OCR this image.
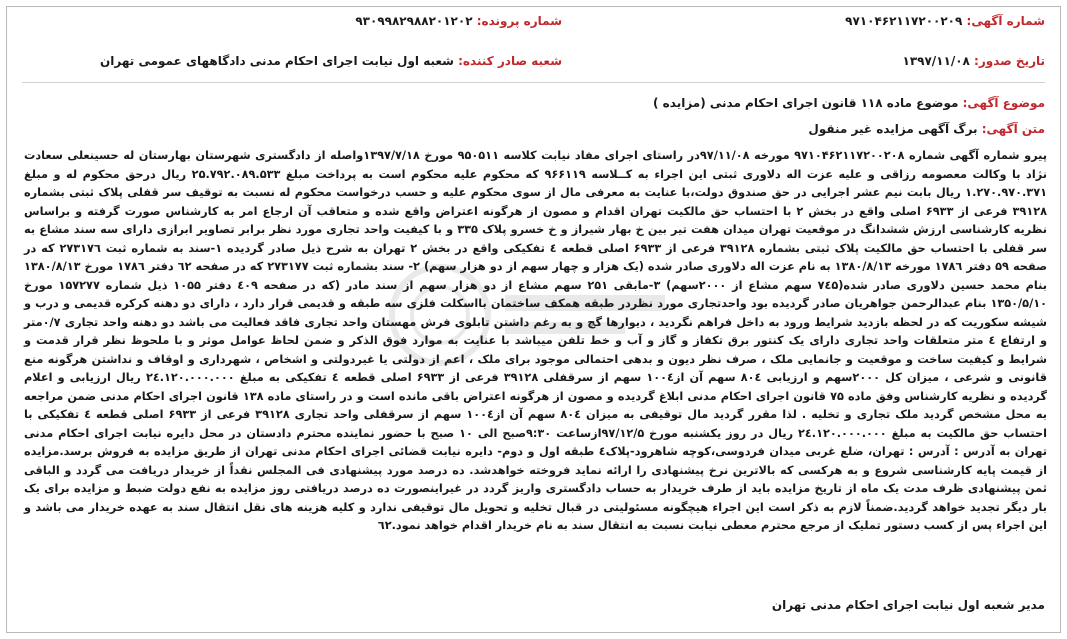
شماره آگهی: ۹۷۱۰۴۶۲۱۱۷۲۰۰۲۰۹
شماره پرونده: ۹۳۰۹۹۸۲۹۸۸۲۰۱۲۰۲
تاریخ صدور: ۱۳۹۷/۱۱/۰۸
شعبه صادر کننده: شعبه اول نیابت اجرای احکام مدنی دادگاههای عمومی تهران
موضوع آگهی: موضوع ماده ۱۱۸ قانون اجرای احکام مدنی (مزایده )
متن آگهی: برگ آگهی مزایده غیر منقول
پیرو شماره آگهی شماره ۹۷۱۰۴۶۲۱۱۷۲۰۰۲۰۸ مورخه ۹۷/۱۱/۰۸در راستای اجرای مفاد نیابت کلاسه ۹۵۰۵۱۱ مورخ ۱۳۹۷/۷/۱۸واصله از دادگستری شهرستان بهارستان له حسینعلی سعادت نژاد با وکالت معصومه رزاقی و علیه عزت اله دلاوری ثبتی این اجراء به کــلاسه ۹۶۶۱۱۹ که محکوم علیه محکوم است به پرداخت مبلغ ۲۵.۷۹۲.۰۸۹.۵۳۳ ریال درحق محکوم له و مبلغ ۱.۲۷۰.۹۷۰.۳۷۱ ریال بابت نیم عشر اجرایی در حق صندوق دولت،با عنایت به معرفی مال از سوی محکوم علیه و حسب درخواست محکوم له نسبت به توقیف سر قفلی پلاک ثبتی بشماره ۳۹۱۲۸ فرعی از ۶۹۳۳ اصلی واقع در بخش ۲ با احتساب حق مالکیت تهران اقدام و مصون از هرگونه اعتراض واقع شده و متعاقب آن ارجاع امر به کارشناس صورت گرفته و براساس نظریه کارشناسی ارزش ششدانگ در موقعیت تهران میدان هفت تیر بین خ بهار شیراز و خ خسرو پلاک ۳۳۵ و با کیفیت واحد تجاری مورد نظر برابر تصاویر ابرازی دارای سه سند مشاع به سر قفلی با احتساب حق مالکیت پلاک ثبتی بشماره ۳۹۱۲۸ فرعی از ۶۹۳۳ اصلی قطعه ٤ تفکیکی واقع در بخش ۲ تهران به شرح ذیل صادر گردیده ۱-سند به شماره ثبت ۲۷۳۱۷٦ که در صفحه ۵۹ دفتر ۱۷۸٦ مورخه ۱۳۸۰/۸/۱۳ به نام عزت اله دلاوری صادر شده (یک هزار و چهار سهم از دو هزار سهم) ۲- سند بشماره ثبت ۲۷۳۱۷۷ که در صفحه ٦۲ دفتر ۱۷۸٦ مورخ ۱۳۸۰/۸/۱۳ بنام محمد حسین دلاوری صادر شده(۷٤۵ سهم مشاع از ۲۰۰۰سهم) ۳-مابقی ۲۵۱ سهم مشاع از دو هزار سهم از سند مادر (که در صفحه ٤۰۹ دفتر ۱۰۵۵ ذیل شماره ۱۵۷۲۷۷ مورخ ۱۳۵۰/۵/۱۰ بنام عبدالرحمن جواهریان صادر گردیده بود واحدتجاری مورد نظردر طبقه همکف ساختمان بااسکلت فلزی سه طبقه و قدیمی قرار دارد ، دارای دو دهنه کرکره قدیمی و درب و شیشه سکوریت که در لحظه بازدید شرایط ورود به داخل فراهم نگردید ، دیوارها گچ و به رغم داشتن تابلوی فرش مهستان واحد تجاری فاقد فعالیت می باشد دو دهنه واحد تجاری ۰/۷متر و ارتفاع ٤ متر متعلقات واحد تجاری دارای یک کنتور برق تکفاز و گاز و آب و خط تلفن میباشد با عنایت به موارد فوق الذکر و ضمن لحاظ عوامل موثر و با ملحوظ نظر قرار قدمت و شرایط و کیفیت ساخت و موقعیت و جانمایی ملک ، صرف نظر دیون و بدهی احتمالی موجود برای ملک ، اعم از دولتی یا غیردولتی و اشخاص ، شهرداری و اوقاف و نداشتن هرگونه منع قانونی و شرعی ، میزان کل ۲۰۰۰سهم و ارزیابی ۸۰٤ سهم آن از۱۰۰٤ سهم از سرقفلی ۳۹۱۲۸ فرعی از ۶۹۳۳ اصلی قطعه ٤ تفکیکی به مبلغ ۲٤.۱۲۰.۰۰۰.۰۰۰ ریال ارزیابی و اعلام گردیده و نظریه کارشناس وفق ماده ۷۵ قانون اجرای احکام مدنی ابلاغ گردیده و مصون از هرگونه اعتراض باقی مانده است و در راستای ماده ۱۳۸ قانون اجرای احکام مدنی ضمن مراجعه به محل مشخص گردید ملک تجاری و تخلیه . لذا مقرر گردید مال توقیفی به میزان ۸۰٤ سهم آن از۱۰۰٤ سهم از سرقفلی واحد تجاری ۳۹۱۲۸ فرعی از ۶۹۳۳ اصلی قطعه ٤ تفکیکی با احتساب حق مالکیت به مبلغ ۲٤.۱۲۰.۰۰۰.۰۰۰ ریال در روز یکشنبه مورخ ۹۷/۱۲/۵ازساعت ۹:۳۰صبح الی ۱۰ صبح با حضور نماینده محترم دادستان در محل دایره نیابت اجرای احکام مدنی تهران به آدرس : آدرس : تهران، ضلع غربی میدان فردوسی،کوچه شاهرود-پلاک٤ طبقه اول و دوم- دایره نیابت قضائی اجرای احکام مدنی تهران از طریق مزایده به فروش برسد.مزایده از قیمت پایه کارشناسی شروع و به هرکسی که بالاترین نرخ پیشنهادی را ارائه نماید فروخته خواهدشد. ده درصد مورد پیشنهادی فی المجلس نقداً از خریدار دریافت می گردد و الباقی ثمن پیشنهادی ظرف مدت یک ماه از تاریخ مزایده باید از طرف خریدار به حساب دادگستری واریز گردد در غیراینصورت ده درصد دریافتی روز مزایده به نفع دولت ضبط و مزایده برای یک بار دیگر تجدید خواهد گردید.ضمناً لازم به ذکر است این اجراء هیچگونه مسئولیتی در قبال تخلیه و تحویل مال توقیفی ندارد و کلیه هزینه های نقل انتقال سند به عهده خریدار می باشد و این اجراء پس از کسب دستور تملیک از مرجع محترم معطی نیابت نسبت به انتقال سند به نام خریدار اقدام خواهد نمود.٦۲
مدیر شعبه اول نیابت اجرای احکام مدنی تهران
